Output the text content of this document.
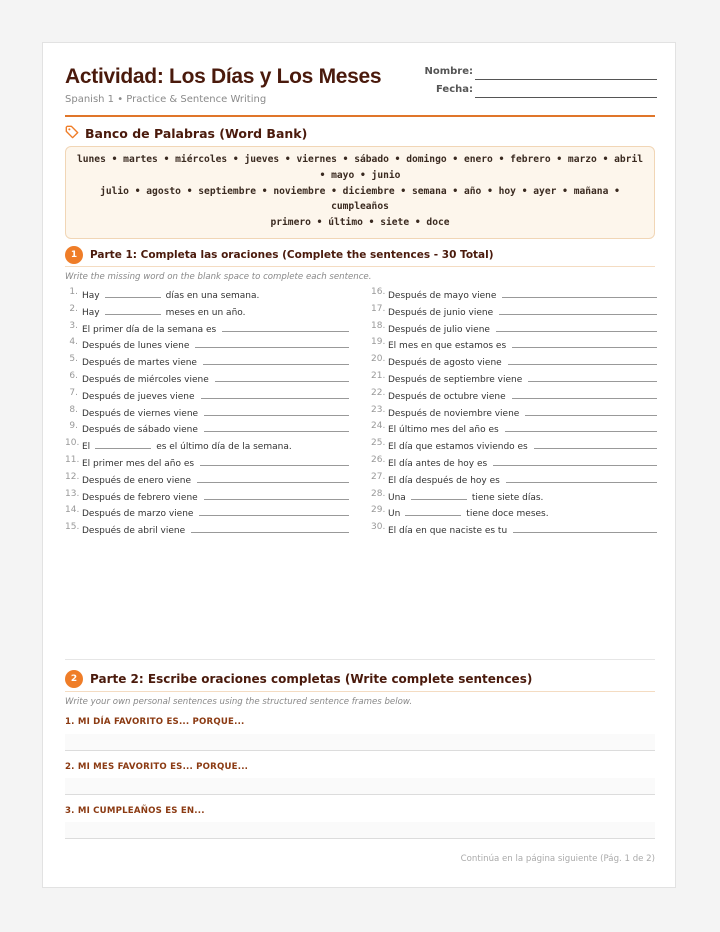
Actividad: Los Días y Los Meses
Spanish 1 • Practice & Sentence Writing
Nombre:
Fecha:
Banco de Palabras (Word Bank)
lunes • martes • miércoles • jueves • viernes • sábado • domingo • enero • febrero • marzo • abril • mayo • junio
julio • agosto • septiembre • noviembre • diciembre • semana • año • hoy • ayer • mañana • cumpleaños
primero • último • siete • doce
1	Parte 1: Completa las oraciones (Complete the sentences - 30 Total)
Write the missing word on the blank space to complete each sentence.
1. Hay	días en una semana.
2. Hay	meses en un año.
3. El primer día de la semana es
4. Después de lunes viene
5. Después de martes viene
6. Después de miércoles viene
7. Después de jueves viene
8. Después de viernes viene
9. Después de sábado viene
10. El	es el último día de la semana.
11. El primer mes del año es
12. Después de enero viene
13. Después de febrero viene
14. Después de marzo viene
15. Después de abril viene
16. Después de mayo viene
17. Después de junio viene
18. Después de julio viene
19. El mes en que estamos es
20. Después de agosto viene
21. Después de septiembre viene
22. Después de octubre viene
23. Después de noviembre viene
24. El último mes del año es
25. El día que estamos viviendo es
26. El día antes de hoy es
27. El día después de hoy es
28. Una	tiene siete días.
29. Un	tiene doce meses.
30. El día en que naciste es tu
2	Parte 2: Escribe oraciones completas (Write complete sentences)
Write your own personal sentences using the structured sentence frames below.
1. MI DÍA FAVORITO ES... PORQUE...
2. MI MES FAVORITO ES... PORQUE...
3. MI CUMPLEAÑOS ES EN...
Continúa en la página siguiente (Pág. 1 de 2)
